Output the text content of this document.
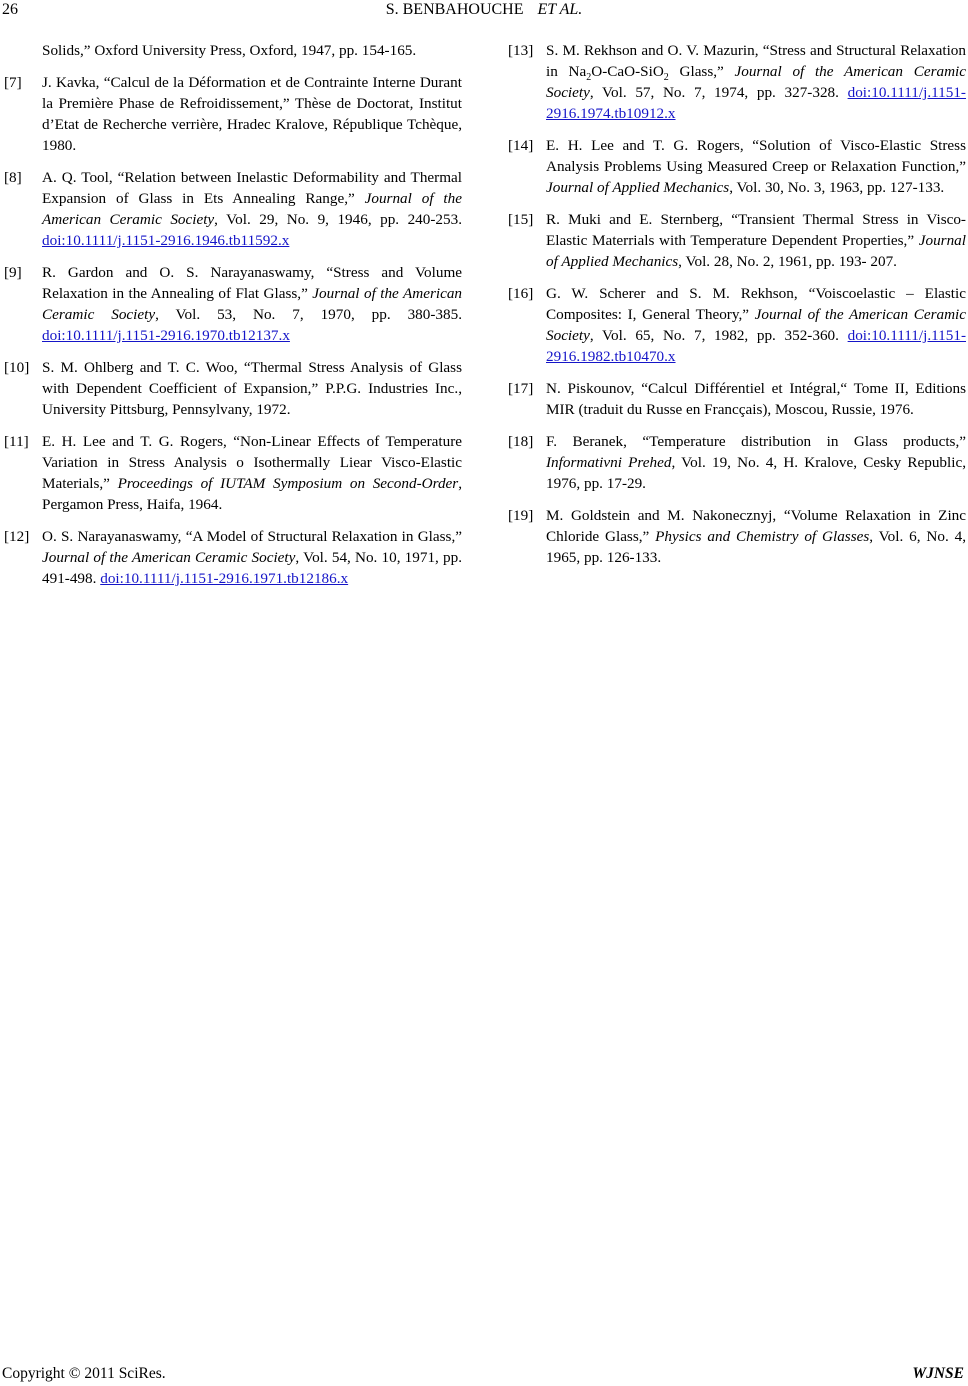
26	S. BENBAHOUCHE ET AL.
Solids,” Oxford University Press, Oxford, 1947, pp. 154-165.
[7] J. Kavka, “Calcul de la Déformation et de Contrainte Interne Durant la Première Phase de Refroidissement,” Thèse de Doctorat, Institut d’Etat de Recherche verrière, Hradec Kralove, République Tchèque, 1980.
[8] A. Q. Tool, “Relation between Inelastic Deformability and Thermal Expansion of Glass in Ets Annealing Range,” Journal of the American Ceramic Society, Vol. 29, No. 9, 1946, pp. 240-253. doi:10.1111/j.1151-2916.1946.tb11592.x
[9] R. Gardon and O. S. Narayanaswamy, “Stress and Volume Relaxation in the Annealing of Flat Glass,” Journal of the American Ceramic Society, Vol. 53, No. 7, 1970, pp. 380-385. doi:10.1111/j.1151-2916.1970.tb12137.x
[10] S. M. Ohlberg and T. C. Woo, “Thermal Stress Analysis of Glass with Dependent Coefficient of Expansion,” P.P.G. Industries Inc., University Pittsburg, Pennsylvany, 1972.
[11] E. H. Lee and T. G. Rogers, “Non-Linear Effects of Temperature Variation in Stress Analysis o Isothermally Liear Visco-Elastic Materials,” Proceedings of IUTAM Symposium on Second-Order, Pergamon Press, Haifa, 1964.
[12] O. S. Narayanaswamy, “A Model of Structural Relaxation in Glass,” Journal of the American Ceramic Society, Vol. 54, No. 10, 1971, pp. 491-498. doi:10.1111/j.1151-2916.1971.tb12186.x
[13] S. M. Rekhson and O. V. Mazurin, “Stress and Structural Relaxation in $Na_2O-CaO-SiO_2$ Glass,” Journal of the American Ceramic Society, Vol. 57, No. 7, 1974, pp. 327-328. doi:10.1111/j.1151-2916.1974.tb10912.x
[14] E. H. Lee and T. G. Rogers, “Solution of Visco-Elastic Stress Analysis Problems Using Measured Creep or Relaxation Function,” Journal of Applied Mechanics, Vol. 30, No. 3, 1963, pp. 127-133.
[15] R. Muki and E. Sternberg, “Transient Thermal Stress in Visco-Elastic Materrials with Temperature Dependent Properties,” Journal of Applied Mechanics, Vol. 28, No. 2, 1961, pp. 193- 207.
[16] G. W. Scherer and S. M. Rekhson, “Voiscoelastic – Elastic Composites: I, General Theory,” Journal of the American Ceramic Society, Vol. 65, No. 7, 1982, pp. 352-360. doi:10.1111/j.1151-2916.1982.tb10470.x
[17] N. Piskounov, “Calcul Différentiel et Intégral,“ Tome II, Editions MIR (traduit du Russe en Francçais), Moscou, Russie, 1976.
[18] F. Beranek, “Temperature distribution in Glass products,” Informativni Prehed, Vol. 19, No. 4, H. Kralove, Cesky Republic, 1976, pp. 17-29.
[19] M. Goldstein and M. Nakonecznyj, “Volume Relaxation in Zinc Chloride Glass,” Physics and Chemistry of Glasses, Vol. 6, No. 4, 1965, pp. 126-133.
Copyright © 2011 SciRes.	WJNSE
